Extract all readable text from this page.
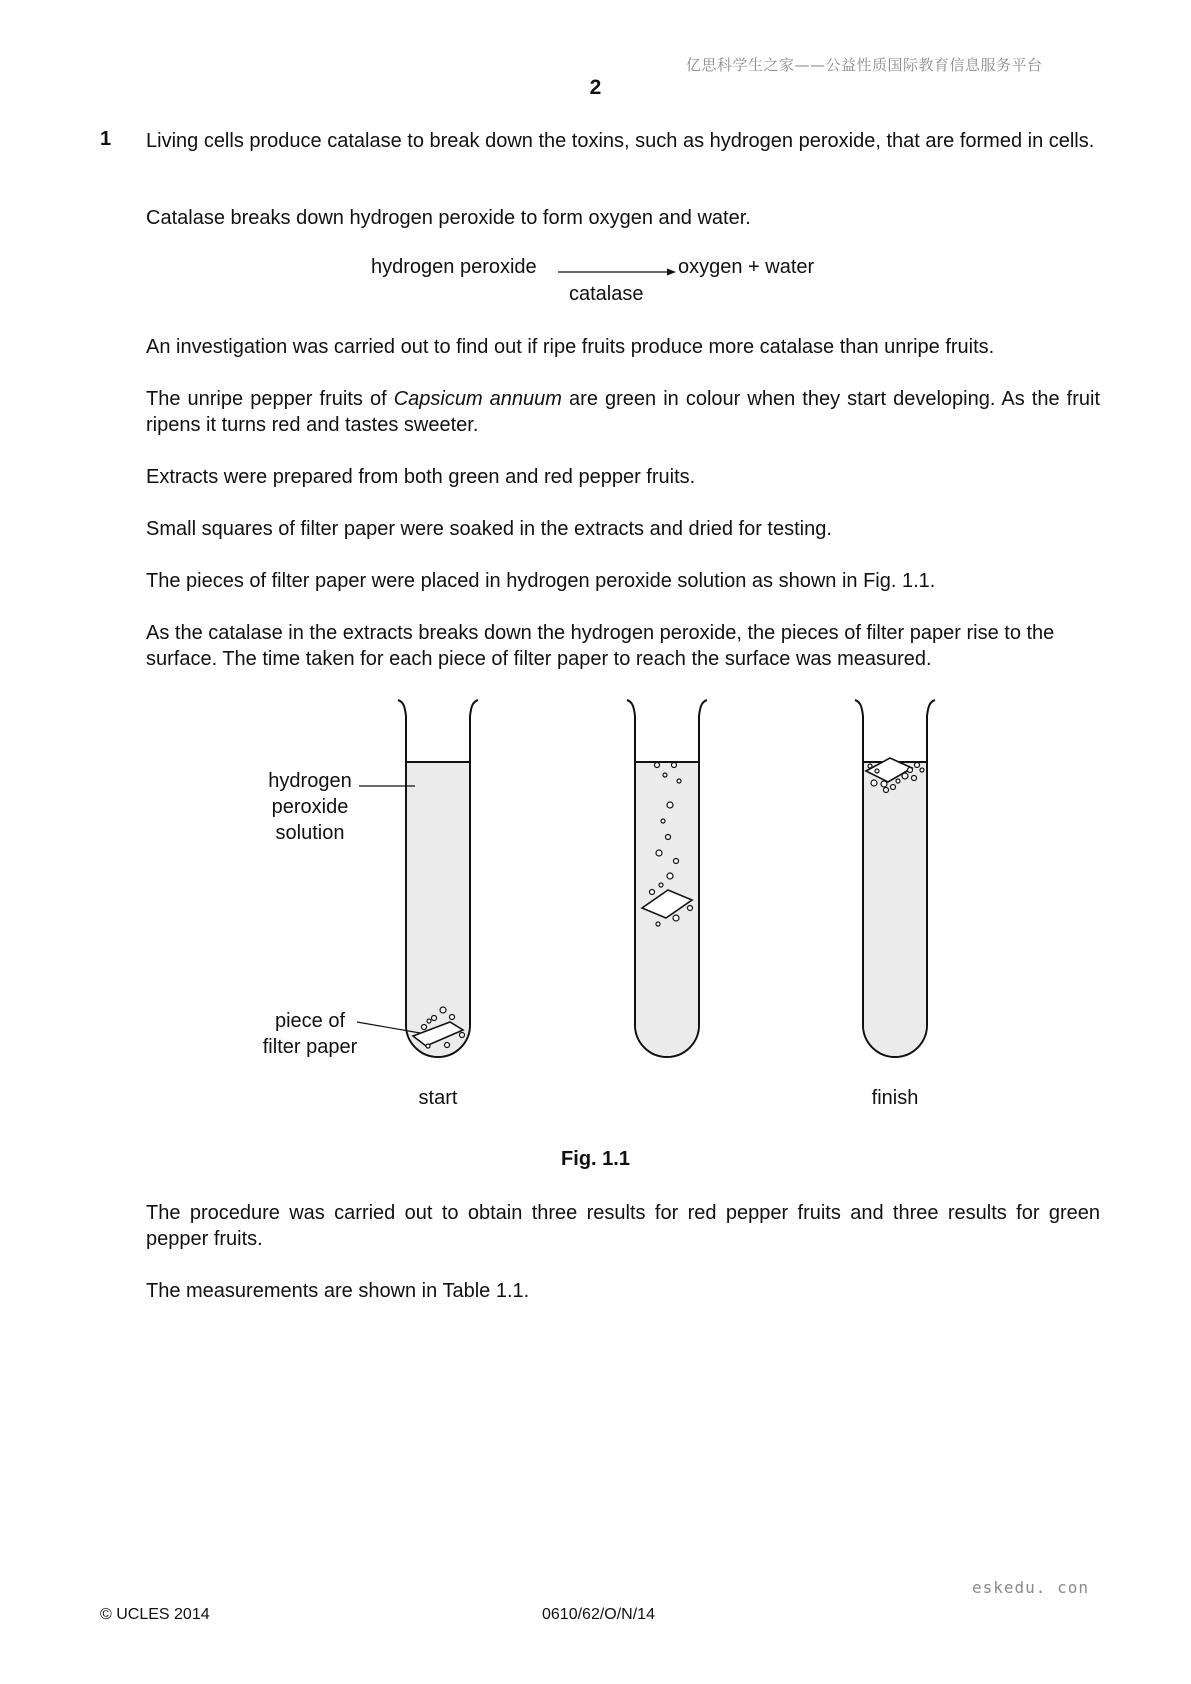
亿思科学生之家——公益性质国际教育信息服务平台
2
1 Living cells produce catalase to break down the toxins, such as hydrogen peroxide, that are formed in cells.

Catalase breaks down hydrogen peroxide to form oxygen and water.

hydrogen peroxide	oxygen + water
catalase

An investigation was carried out to find out if ripe fruits produce more catalase than unripe fruits.

The unripe pepper fruits of Capsicum annuum are green in colour when they start developing. As the fruit ripens it turns red and tastes sweeter.

Extracts were prepared from both green and red pepper fruits.

Small squares of filter paper were soaked in the extracts and dried for testing.

The pieces of filter paper were placed in hydrogen peroxide solution as shown in Fig. 1.1.

As the catalase in the extracts breaks down the hydrogen peroxide, the pieces of filter paper rise to the surface. The time taken for each piece of filter paper to reach the surface was measured.

hydrogen
peroxide
solution
piece of
filter paper
start	finish
Fig. 1.1

The procedure was carried out to obtain three results for red pepper fruits and three results for green pepper fruits.

The measurements are shown in Table 1.1.

eskedu. con
© UCLES 2014	0610/62/O/N/14
